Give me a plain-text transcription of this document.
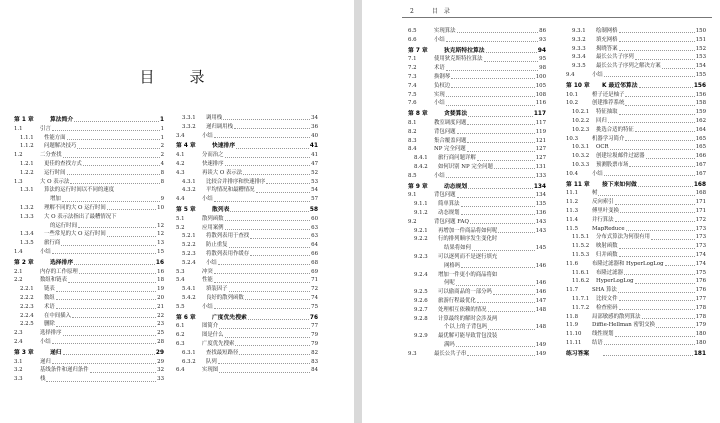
目　录
第 1 章	算法简介	1
1.1	引言	1
1.1.1 性能方面	1
1.1.2 问题解决技巧	2
1.2	二分查找	2
1.2.1 更佳的查找方式	4
1.2.2 运行时间	8
1.3	大 O 表示法	8
1.3.1 算法的运行时间以不同的速度
增加	9
1.3.2 理解不同的大 O 运行时间	10
1.3.3 大 O 表示法指出了最糟情况下
的运行时间	12
1.3.4 一些常见的大 O 运行时间	12
1.3.5 旅行商	13
1.4	小结	15
第 2 章	选择排序	16
2.1	内存的工作原理	16
2.2	数组和链表	18
2.2.1 链表	19
2.2.2 数组	20
2.2.3 术语	21
2.2.4 在中间插入	22
2.2.5 删除	23
2.3	选择排序	25
2.4	小结	28
第 3 章	递归	29
3.1	递归	29
3.2	基线条件和递归条件	32
3.3	栈	33
3.3.1 调用栈	34
3.3.2 递归调用栈	36
3.4	小结	40
第 4 章	快速排序	41
4.1	分而治之	41
4.2	快速排序	47
4.3	再谈大 O 表示法	52
4.3.1 比较合并排序和快速排序	53
4.3.2 平均情况和最糟情况	54
4.4	小结	57
第 5 章	散列表	58
5.1	散列函数	60
5.2	应用案例	63
5.2.1 将散列表用于查找	63
5.2.2 防止重复	64
5.2.3 将散列表用作缓存	66
5.2.4 小结	68
5.3	冲突	69
5.4	性能	71
5.4.1 填装因子	72
5.4.2 良好的散列函数	74
5.5	小结	75
第 6 章	广度优先搜索	76
6.1	图简介	77
6.2	图是什么	79
6.3	广度优先搜索	79
6.3.1 查找最短路径	82
6.3.2 队列	83
6.4	实现图	84
2	目　录
6.5	实现算法	86
6.6	小结	93
第 7 章	狄克斯特拉算法	94
7.1	使用狄克斯特拉算法	95
7.2	术语	98
7.3	换钢琴	100
7.4	负权边	105
7.5	实现	108
7.6	小结	116
第 8 章	贪婪算法	117
8.1	教室调度问题	117
8.2	背包问题	119
8.3	集合覆盖问题	121
8.4	NP 完全问题	127
8.4.1 旅行商问题详解	127
8.4.2 如何识别 NP 完全问题	131
8.5	小结	133
第 9 章	动态规划	134
9.1	背包问题	134
9.1.1 简单算法	135
9.1.2 动态规划	136
9.2	背包问题 FAQ	143
9.2.1 再增加一件商品将如何呢	143
9.2.2 行的排列顺序发生变化时
结果将如何	145
9.2.3 可以逐列而不是逐行填充
网格吗	146
9.2.4 增加一件更小的商品将如
何呢	146
9.2.5 可以偷商品的一部分吗	146
9.2.6 旅游行程最优化	147
9.2.7 处理相互依赖的情况	148
9.2.8 计算最终的解时会涉及两
个以上的子背包吗	148
9.2.9 最优解可能导致背包没装
满吗	149
9.3	最长公共子串	149
9.3.1 绘制网格	150
9.3.2 填充网格	151
9.3.3 揭晓答案	152
9.3.4 最长公共子序列	153
9.3.5 最长公共子序列之解决方案	154
9.4	小结	155
第 10 章 K 最近邻算法	156
10.1	橙子还是柚子	156
10.2	创建推荐系统	158
10.2.1 特征抽取	159
10.2.2 回归	162
10.2.3 挑选合适的特征	164
10.3	机器学习简介	165
10.3.1 OCR	165
10.3.2 创建垃圾邮件过滤器	166
10.3.3 预测股票市场	167
10.4	小结	167
第 11 章 接下来如何做	168
11.1	树	168
11.2	反向索引	171
11.3	傅里叶变换	171
11.4	并行算法	172
11.5	MapReduce	173
11.5.1 分布式算法为何很有用	173
11.5.2 映射函数	173
11.5.3 归并函数	174
11.6	布隆过滤器和 HyperLogLog	174
11.6.1 布隆过滤器	175
11.6.2 HyperLogLog	176
11.7	SHA 算法	176
11.7.1 比较文件	177
11.7.2 检查密码	178
11.8	局部敏感的散列算法	178
11.9	Diffie-Hellman 密钥交换	179
11.10 线性规划	180
11.11 结语	180
练习答案	181
